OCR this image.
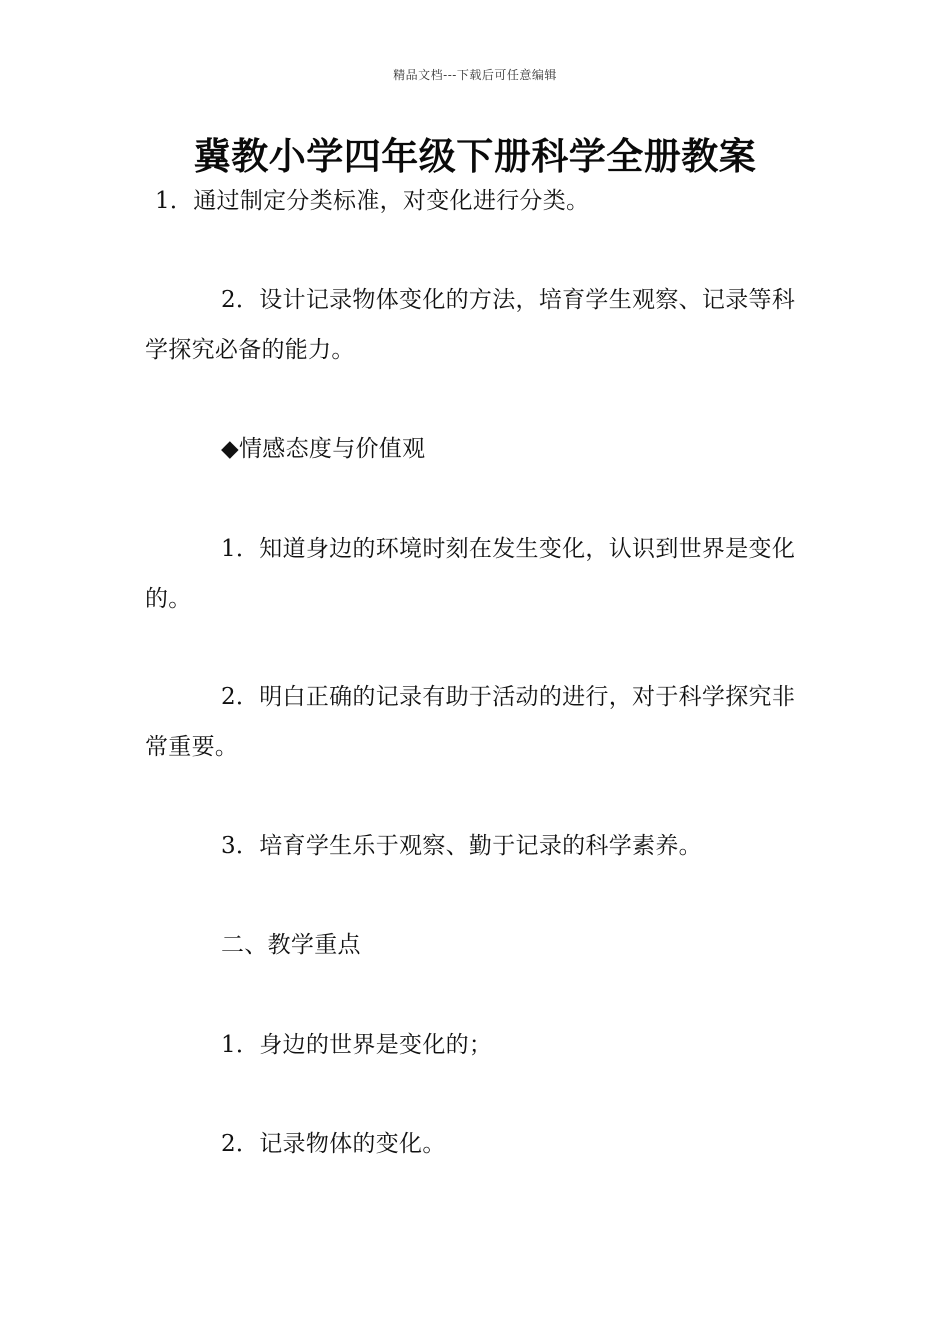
精品文档---下载后可任意编辑
冀教小学四年级下册科学全册教案
1．通过制定分类标准，对变化进行分类。
2．设计记录物体变化的方法，培育学生观察、记录等科学探究必备的能力。
◆情感态度与价值观
1．知道身边的环境时刻在发生变化，认识到世界是变化的。
2．明白正确的记录有助于活动的进行，对于科学探究非常重要。
3．培育学生乐于观察、勤于记录的科学素养。
二、教学重点
1．身边的世界是变化的；
2．记录物体的变化。
